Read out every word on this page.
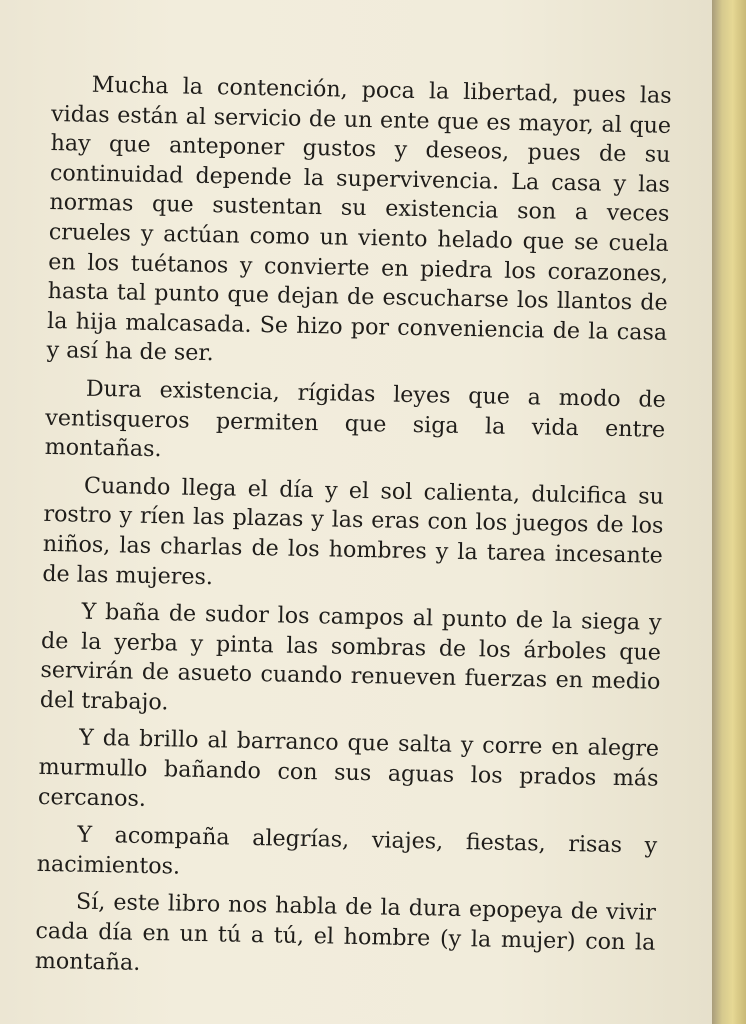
Mucha la contención, poca la libertad, pues las vidas están al servicio de un ente que es mayor, al que hay que anteponer gustos y deseos, pues de su continuidad depende la supervivencia. La casa y las normas que sustentan su existencia son a veces crueles y actúan como un viento helado que se cuela en los tuétanos y convierte en piedra los corazones, hasta tal punto que dejan de escucharse los llantos de la hija malcasada. Se hizo por conveniencia de la casa y así ha de ser.

Dura existencia, rígidas leyes que a modo de ventisqueros permiten que siga la vida entre montañas.

Cuando llega el día y el sol calienta, dulcifica su rostro y ríen las plazas y las eras con los juegos de los niños, las charlas de los hombres y la tarea incesante de las mujeres.

Y baña de sudor los campos al punto de la siega y de la yerba y pinta las sombras de los árboles que servirán de asueto cuando renueven fuerzas en medio del trabajo.

Y da brillo al barranco que salta y corre en alegre murmullo bañando con sus aguas los prados más cercanos.

Y acompaña alegrías, viajes, fiestas, risas y nacimientos.

Sí, este libro nos habla de la dura epopeya de vivir cada día en un tú a tú, el hombre (y la mujer) con la montaña.
